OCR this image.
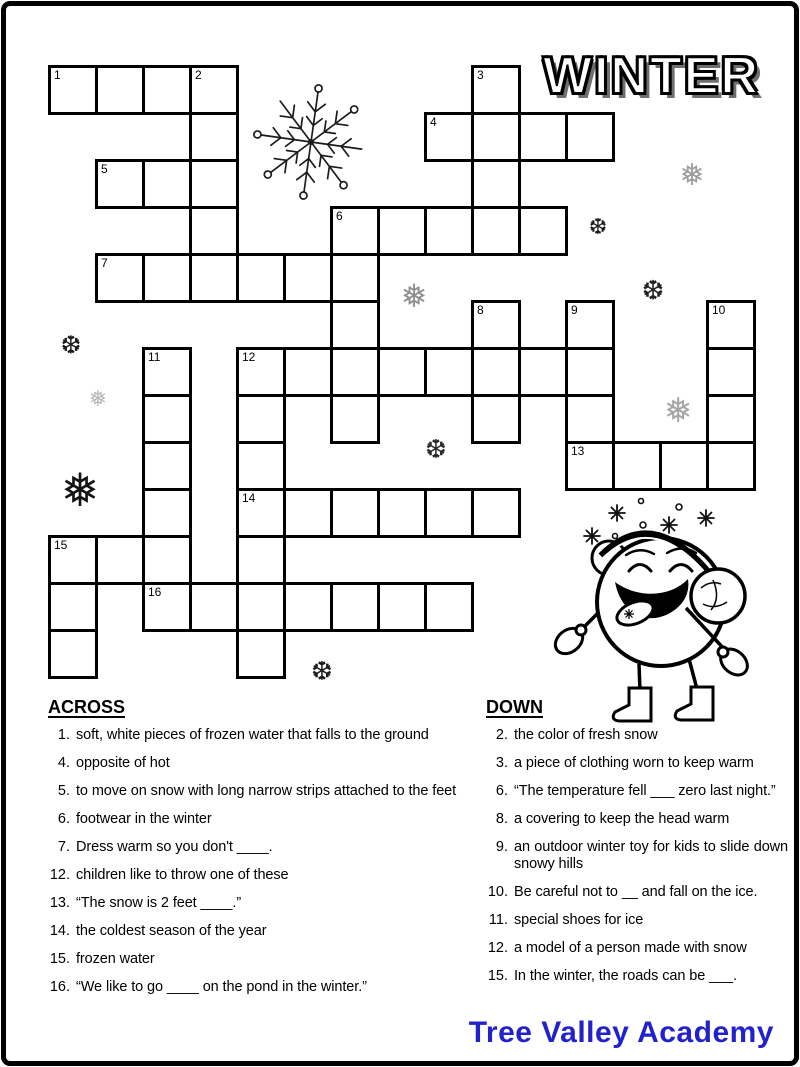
WINTER
1	2	3
4
5
6
7
8	9
13
10
11
16
12
14
15
ACROSS
1. soft, white pieces of frozen water that falls to the ground
4. opposite of hot
5. to move on snow with long narrow strips attached to the feet
6. footwear in the winter
7. Dress warm so you don't ____.
12. children like to throw one of these
13. “The snow is 2 feet ____.”
14. the coldest season of the year
15. frozen water
16. “We like to go ____ on the pond in the winter.”
DOWN
2. the color of fresh snow
3. a piece of clothing worn to keep warm
6. “The temperature fell ___ zero last night.”
8. a covering to keep the head warm
9. an outdoor winter toy for kids to slide down snowy hills
10. Be careful not to __ and fall on the ice.
11. special shoes for ice
12. a model of a person made with snow
15. In the winter, the roads can be ___.
Tree Valley Academy
❅
❆
❆
❅
❆
❅	❅
❆
❅
❆
